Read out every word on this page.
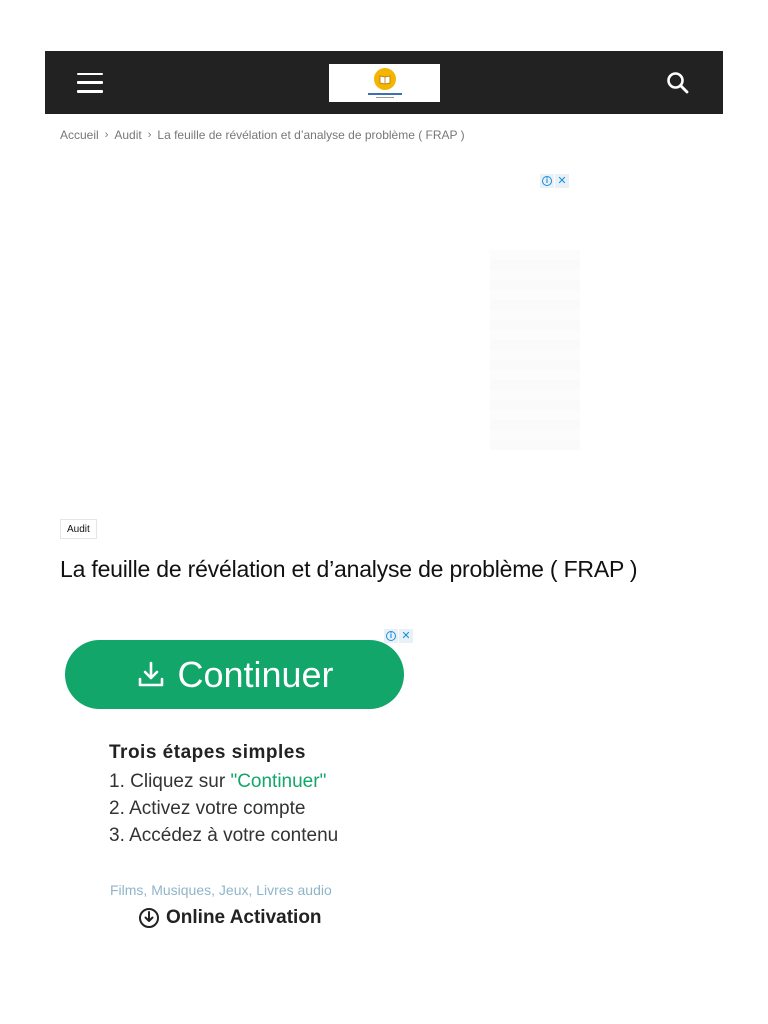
Accueil › Audit › La feuille de révélation et d’analyse de problème ( FRAP )
i ✕
Audit
La feuille de révélation et d’analyse de problème ( FRAP )
i ✕
Continuer
Trois étapes simples
1. Cliquez sur "Continuer"
2. Activez votre compte
3. Accédez à votre contenu
Films, Musiques, Jeux, Livres audio
Online Activation
